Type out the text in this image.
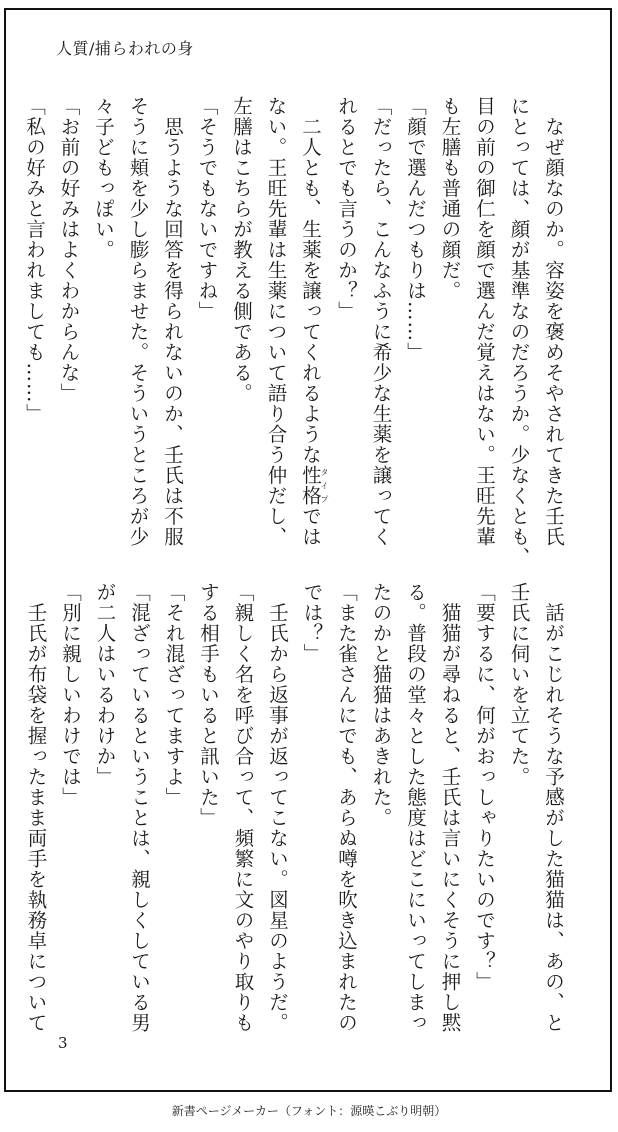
人質/捕らわれの身
　なぜ顔なのか。容姿を褒めそやされてきた壬氏
にとっては、顔が基準なのだろうか。少なくとも、
目の前の御仁を顔で選んだ覚えはない。王旺先輩
も左膳も普通の顔だ。
「顔で選んだつもりは……」
「だったら、こんなふうに希少な生薬を譲ってく
れるとでも言うのか？」
　二人とも、生薬を譲ってくれるような性格タイプでは
ない。王旺先輩は生薬について語り合う仲だし、
左膳はこちらが教える側である。
「そうでもないですね」
　思うような回答を得られないのか、壬氏は不服
そうに頬を少し膨らませた。そういうところが少
々子どもっぽい。
「お前の好みはよくわからんな」
「私の好みと言われましても……」
　話がこじれそうな予感がした猫猫は、あの、と
壬氏に伺いを立てた。
「要するに、何がおっしゃりたいのです？」
　猫猫が尋ねると、壬氏は言いにくそうに押し黙
る。普段の堂々とした態度はどこにいってしまっ
たのかと猫猫はあきれた。
「また雀さんにでも、あらぬ噂を吹き込まれたの
では？」
　壬氏から返事が返ってこない。図星のようだ。
「親しく名を呼び合って、頻繁に文のやり取りも
する相手もいると訊いた」
「それ混ざってますよ」
「混ざっているということは、親しくしている男
が二人はいるわけか」
「別に親しいわけでは」
　壬氏が布袋を握ったまま両手を執務卓について
3
新書ページメーカー（フォント：源暎こぶり明朝）
